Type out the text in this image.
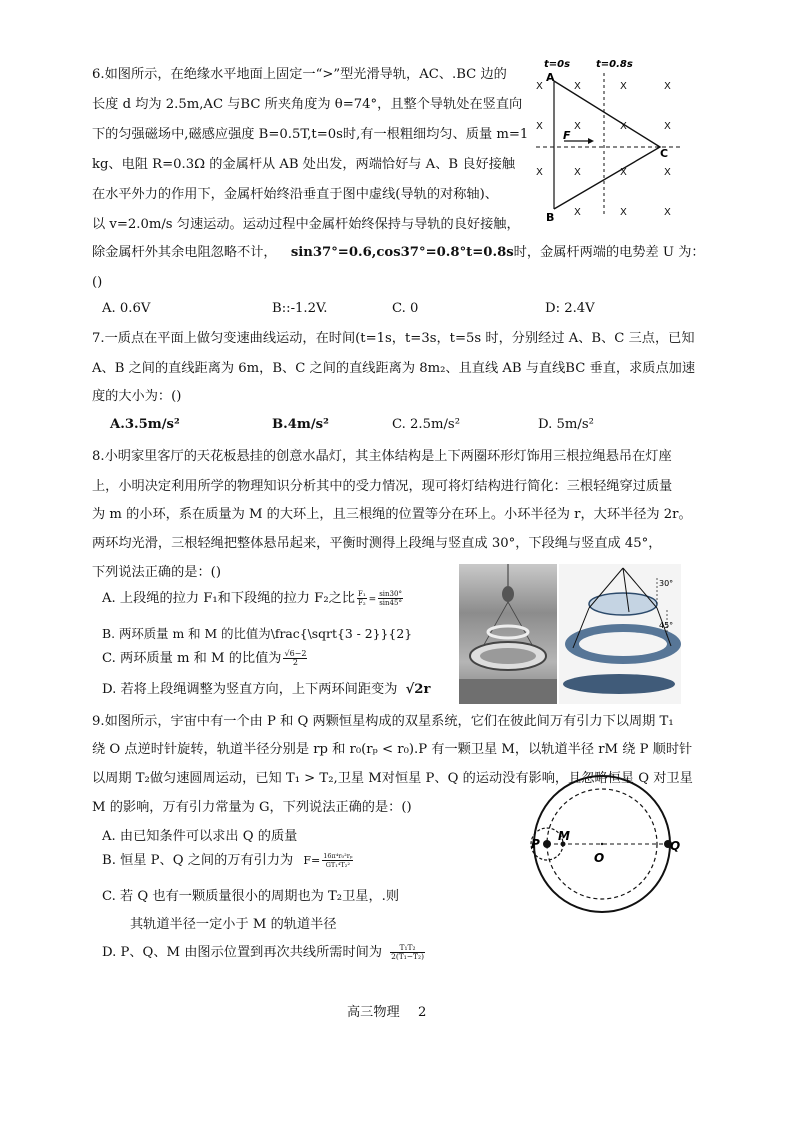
6.如图所示，在绝缘水平地面上固定一“>”型光滑导轨，AC、.BC 边的
长度 d 均为 2.5m,AC 与BC 所夹角度为 θ=74°，且整个导轨处在竖直向
下的匀强磁场中,磁感应强度 B=0.5T,t=0s时,有一根粗细均匀、质量 m=1
kg、电阻 R=0.3Ω 的金属杆从 AB 处出发，两端恰好与 A、B 良好接触
在水平外力的作用下，金属杆始终沿垂直于图中虚线(导轨的对称轴)、
以 v=2.0m/s 匀速运动。运动过程中金属杆始终保持与导轨的良好接触，
除金属杆外其余电阻忽略不计， sin37°=0.6,cos37°=0.8°t=0.8s时，金属杆两端的电势差 U 为：
()
A. 0.6V	B::-1.2V.	C. 0	D: 2.4V
t=0s	t=0.8s
F
A
B
C
X	X	X	X
X	X	X	X
X	X	X	X
X	X	X
7.一质点在平面上做匀变速曲线运动，在时间(t=1s，t=3s，t=5s 时，分别经过 A、B、C 三点，已知
A、B 之间的直线距离为 6m，B、C 之间的直线距离为 8m₂、且直线 AB 与直线BC 垂直，求质点加速
度的大小为：()
A.3.5m/s²	B.4m/s²	C. 2.5m/s²	D. 5m/s²
8.小明家里客厅的天花板悬挂的创意水晶灯，其主体结构是上下两圈环形灯饰用三根拉绳悬吊在灯座
上，小明决定利用所学的物理知识分析其中的受力情况，现可将灯结构进行简化：三根轻绳穿过质量
为 m 的小环，系在质量为 M 的大环上，且三根绳的位置等分在环上。小环半径为 r，大环半径为 2r。
两环均光滑，三根轻绳把整体悬吊起来，平衡时测得上段绳与竖直成 30°，下段绳与竖直成 45°，
下列说法正确的是：()
A. 上段绳的拉力 F₁和下段绳的拉力 F₂之比 $\frac{\text{F₁}}{\text{F₂}} = \frac{\sin 30^\circ}{\sin 45^\circ}$
B. 两环质量 m 和 M 的比值为\frac{\sqrt{3 - 2}}{2}
C. 两环质量 m 和 M 的比值为 $\frac{√6-2}{2}$
D. 若将上段绳调整为竖直方向，上下两环间距变为 √2r
30°
45°
9.如图所示，宇宙中有一个由 P 和 Q 两颗恒星构成的双星系统，它们在彼此间万有引力下以周期 T₁
绕 O 点逆时针旋转，轨道半径分别是 rp 和 r₀(rₚ < r₀).P 有一颗卫星 M，以轨道半径 rM 绕 P 顺时针
以周期 T₂做匀速圆周运动，已知 T₁ > T₂,卫星 M对恒星 P、Q 的运动没有影响，且忽略恒星 Q 对卫星
M 的影响，万有引力常量为 G，下列说法正确的是：()
A. 由已知条件可以求出 Q 的质量
B. 恒星 P、Q 之间的万有引力为 $F= \frac{\text{16π⁴r₀²rₚ}}{\text{GT₁⁴T₂²}}$
C. 若 Q 也有一颗质量很小的周期也为 T₂卫星，.则
其轨道半径一定小于 M 的轨道半径
D. P、Q、M 由图示位置到再次共线所需时间为 $\frac{\text{T₁T₂}}{\text{2(T₁−T₂)}}$
P
M
O
Q
高三物理 2
